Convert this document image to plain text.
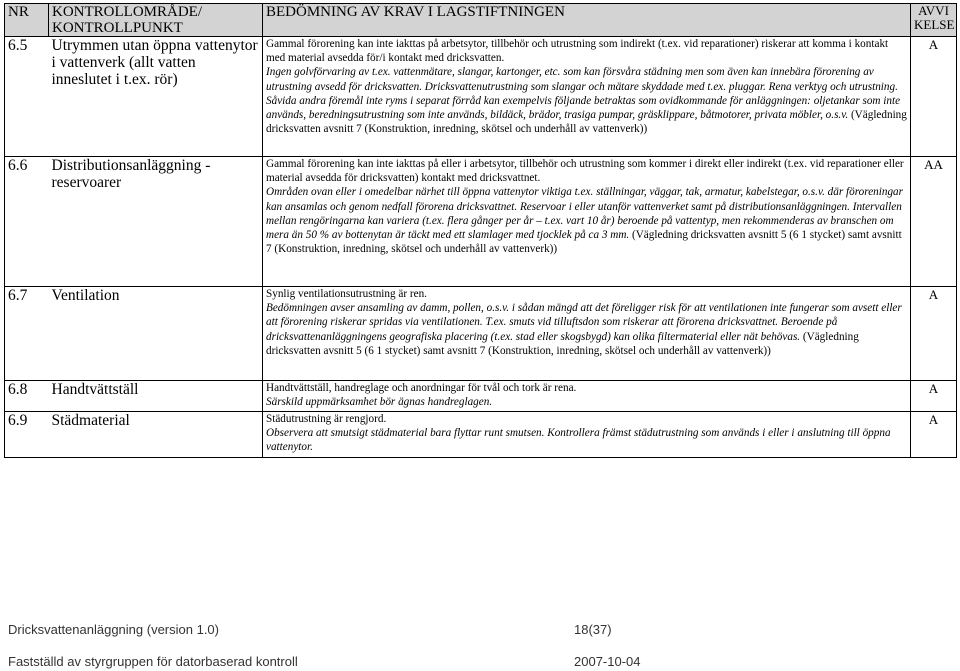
NR	KONTROLLOMRÅDE/ KONTROLLPUNKT	BEDÖMNING AV KRAV I LAGSTIFTNINGEN	AVVI KELSE
6.5	Utrymmen utan öppna vattenytor i vattenverk (allt vatten inneslutet i t.ex. rör)	Gammal förorening kan inte iakttas på arbetsytor, tillbehör och utrustning som indirekt (t.ex. vid reparationer) riskerar att komma i kontakt med material avsedda för/i kontakt med dricksvatten.
Ingen golvförvaring av t.ex. vattenmätare, slangar, kartonger, etc. som kan försvåra städning men som även kan innebära förorening av utrustning avsedd för dricksvatten. Dricksvattenutrustning som slangar och mätare skyddade med t.ex. pluggar. Rena verktyg och utrustning. Såvida andra föremål inte ryms i separat förråd kan exempelvis följande betraktas som ovidkommande för anläggningen: oljetankar som inte används, beredningsutrustning som inte används, bildäck, brädor, trasiga pumpar, gräsklippare, båtmotorer, privata möbler, o.s.v. (Vägledning dricksvatten avsnitt 7 (Konstruktion, inredning, skötsel och underhåll av vattenverk))	A
6.6	Distributionsanläggning - reservoarer	Gammal förorening kan inte iakttas på eller i arbetsytor, tillbehör och utrustning som kommer i direkt eller indirekt (t.ex. vid reparationer eller material avsedda för dricksvatten) kontakt med dricksvattnet.
Områden ovan eller i omedelbar närhet till öppna vattenytor viktiga t.ex. ställningar, väggar, tak, armatur, kabelstegar, o.s.v. där föroreningar kan ansamlas och genom nedfall förorena dricksvattnet. Reservoar i eller utanför vattenverket samt på distributionsanläggningen. Intervallen mellan rengöringarna kan variera (t.ex. flera gånger per år – t.ex. vart 10 år) beroende på vattentyp, men rekommenderas av branschen om mera än 50 % av bottenytan är täckt med ett slamlager med tjocklek på ca 3 mm. (Vägledning dricksvatten avsnitt 5 (6 1 stycket) samt avsnitt 7 (Konstruktion, inredning, skötsel och underhåll av vattenverk))	AA
6.7	Ventilation	Synlig ventilationsutrustning är ren.
Bedömningen avser ansamling av damm, pollen, o.s.v. i sådan mängd att det föreligger risk för att ventilationen inte fungerar som avsett eller att förorening riskerar spridas via ventilationen. T.ex. smuts vid tilluftsdon som riskerar att förorena dricksvattnet. Beroende på dricksvattenanläggningens geografiska placering (t.ex. stad eller skogsbygd) kan olika filtermaterial eller nät behövas. (Vägledning dricksvatten avsnitt 5 (6 1 stycket) samt avsnitt 7 (Konstruktion, inredning, skötsel och underhåll av vattenverk))	A
6.8	Handtvättställ	Handtvättställ, handreglage och anordningar för tvål och tork är rena.
Särskild uppmärksamhet bör ägnas handreglagen.	A
6.9	Städmaterial	Städutrustning är rengjord.
Observera att smutsigt städmaterial bara flyttar runt smutsen. Kontrollera främst städutrustning som används i eller i anslutning till öppna vattenytor.	A
Dricksvattenanläggning (version 1.0)	18(37)
Fastställd av styrgruppen för datorbaserad kontroll	2007-10-04
